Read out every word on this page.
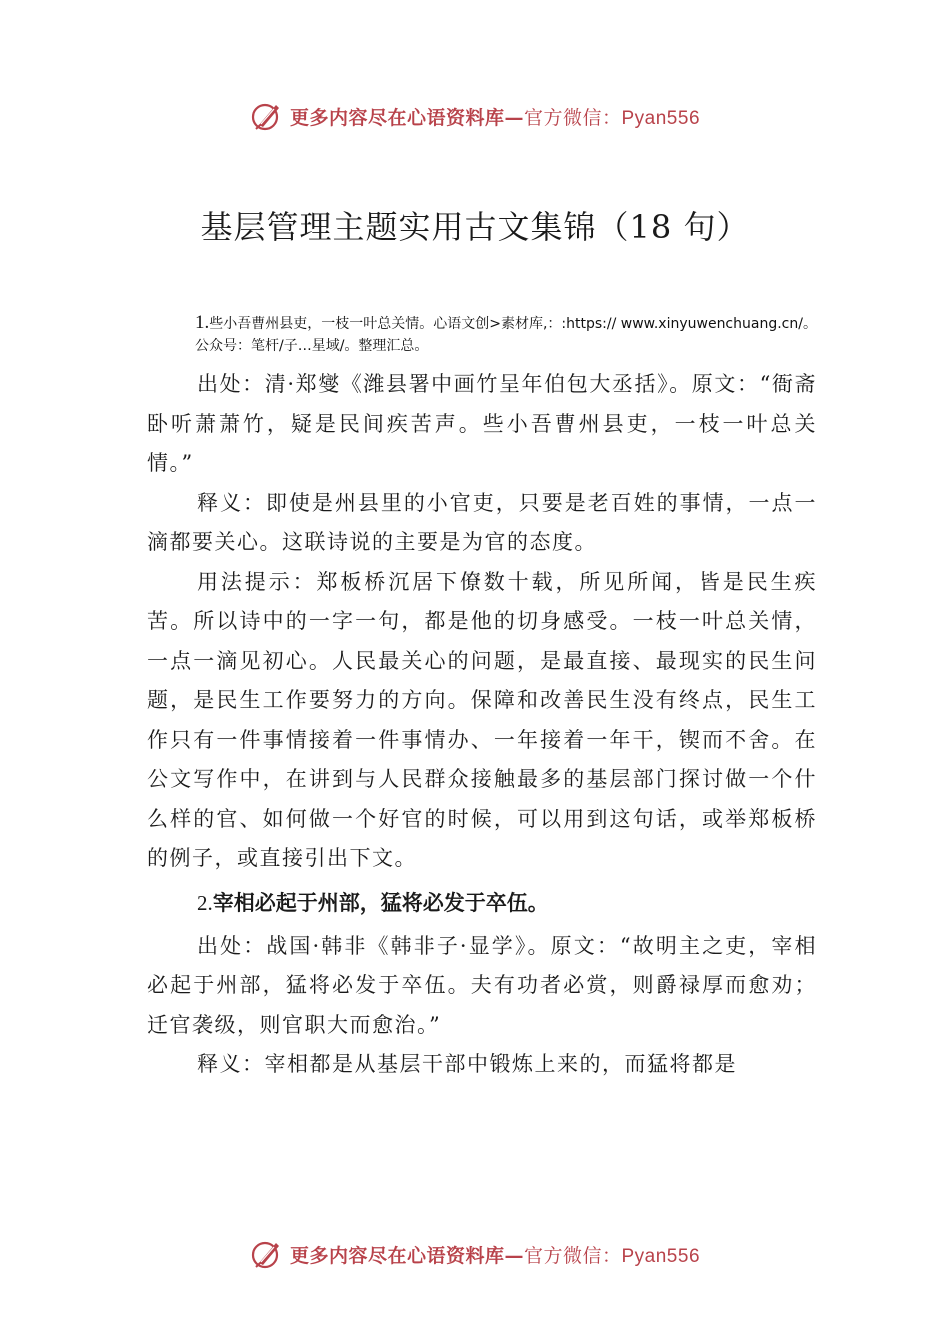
更多内容尽在心语资料库—官方微信：Pyan556
基层管理主题实用古文集锦（18 句）

1.些小吾曹州县吏，一枝一叶总关情。心语文创>素材库,：:https:// www.xinyuwenchuang.cn/。公众号：笔杆/子…星域/。整理汇总。

出处：清·郑燮《潍县署中画竹呈年伯包大丞括》。原文：“衙斋卧听萧萧竹，疑是民间疾苦声。些小吾曹州县吏，一枝一叶总关情。”

释义：即使是州县里的小官吏，只要是老百姓的事情，一点一滴都要关心。这联诗说的主要是为官的态度。

用法提示：郑板桥沉居下僚数十载，所见所闻，皆是民生疾苦。所以诗中的一字一句，都是他的切身感受。一枝一叶总关情，一点一滴见初心。人民最关心的问题，是最直接、最现实的民生问题，是民生工作要努力的方向。保障和改善民生没有终点，民生工作只有一件事情接着一件事情办、一年接着一年干，锲而不舍。在公文写作中，在讲到与人民群众接触最多的基层部门探讨做一个什么样的官、如何做一个好官的时候，可以用到这句话，或举郑板桥的例子，或直接引出下文。

2.宰相必起于州部，猛将必发于卒伍。

出处：战国·韩非《韩非子·显学》。原文：“故明主之吏，宰相必起于州部，猛将必发于卒伍。夫有功者必赏，则爵禄厚而愈劝；迁官袭级，则官职大而愈治。”

释义：宰相都是从基层干部中锻炼上来的，而猛将都是

更多内容尽在心语资料库—官方微信：Pyan556
